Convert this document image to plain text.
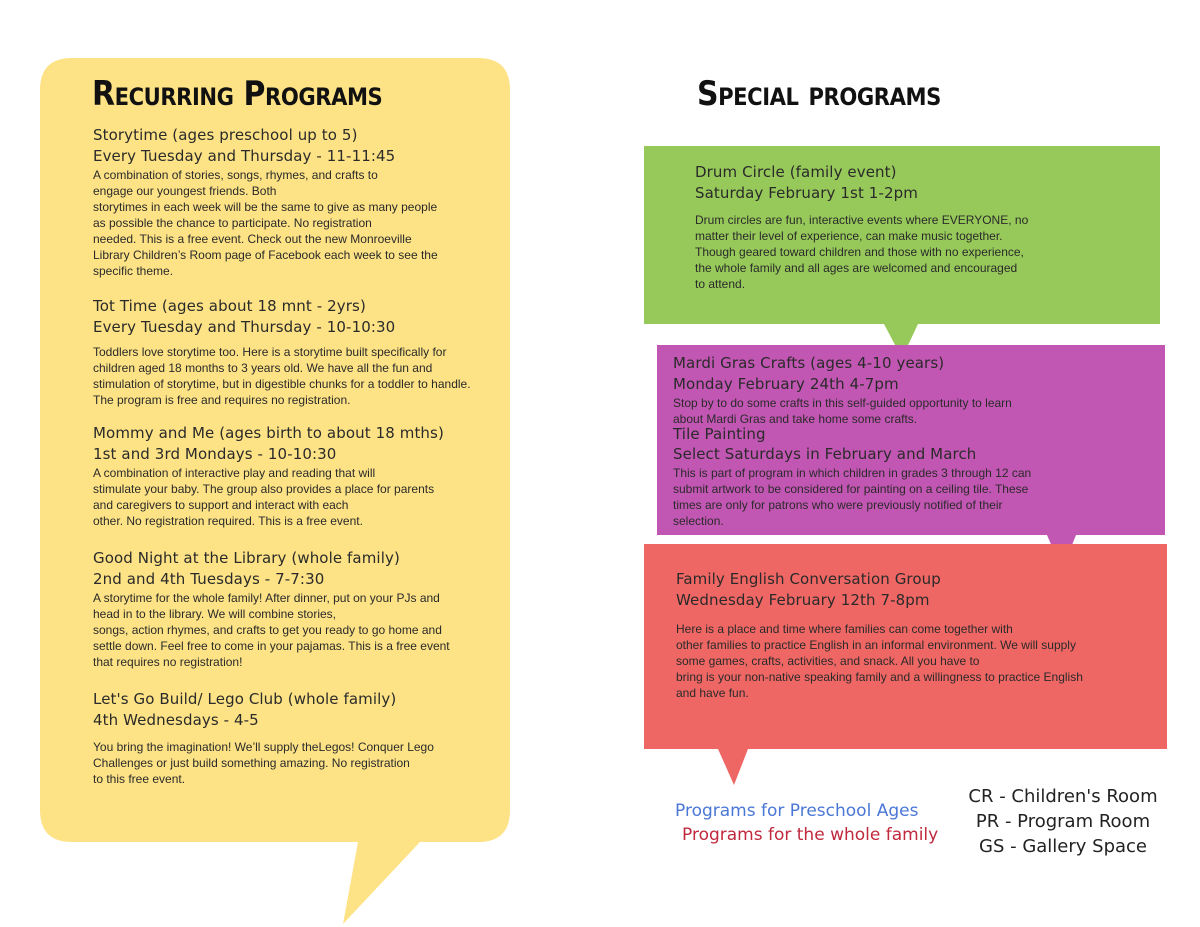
Recurring Programs	Special programs
Storytime (ages preschool up to 5)
Every Tuesday and Thursday - 11-11:45
A combination of stories, songs, rhymes, and crafts to
engage our youngest friends. Both
storytimes in each week will be the same to give as many people
as possible the chance to participate. No registration
needed. This is a free event. Check out the new Monroeville
Library Children’s Room page of Facebook each week to see the
specific theme.
Tot Time (ages about 18 mnt - 2yrs)
Every Tuesday and Thursday - 10-10:30
Toddlers love storytime too. Here is a storytime built specifically for
children aged 18 months to 3 years old. We have all the fun and
stimulation of storytime, but in digestible chunks for a toddler to handle.
The program is free and requires no registration.
Mommy and Me (ages birth to about 18 mths)
1st and 3rd Mondays - 10-10:30
A combination of interactive play and reading that will
stimulate your baby. The group also provides a place for parents
and caregivers to support and interact with each
other. No registration required. This is a free event.
Good Night at the Library (whole family)
2nd and 4th Tuesdays - 7-7:30
A storytime for the whole family! After dinner, put on your PJs and
head in to the library. We will combine stories,
songs, action rhymes, and crafts to get you ready to go home and
settle down. Feel free to come in your pajamas. This is a free event
that requires no registration!
Let's Go Build/ Lego Club (whole family)
4th Wednesdays - 4-5
You bring the imagination! We’ll supply theLegos! Conquer Lego
Challenges or just build something amazing. No registration
to this free event.
Drum Circle (family event)
Saturday February 1st 1-2pm
Drum circles are fun, interactive events where EVERYONE, no
matter their level of experience, can make music together.
Though geared toward children and those with no experience,
the whole family and all ages are welcomed and encouraged
to attend.
Mardi Gras Crafts (ages 4-10 years)
Monday February 24th 4-7pm
Stop by to do some crafts in this self-guided opportunity to learn
about Mardi Gras and take home some crafts.
Tile Painting
Select Saturdays in February and March
This is part of program in which children in grades 3 through 12 can
submit artwork to be considered for painting on a ceiling tile. These
times are only for patrons who were previously notified of their
selection.
Family English Conversation Group
Wednesday February 12th 7-8pm
Here is a place and time where families can come together with
other families to practice English in an informal environment. We will supply
some games, crafts, activities, and snack. All you have to
bring is your non-native speaking family and a willingness to practice English
and have fun.
Programs for Preschool Ages
Programs for the whole family
CR - Children's Room
PR - Program Room
GS - Gallery Space
